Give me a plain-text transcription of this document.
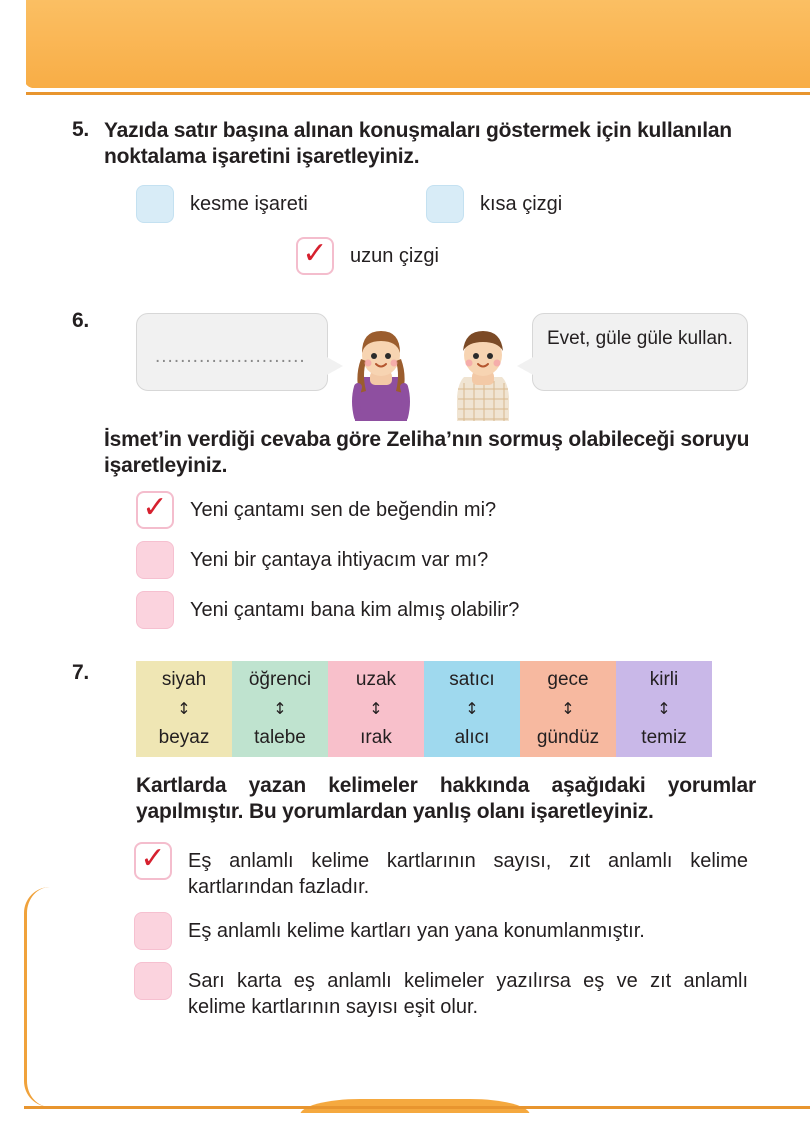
5. Yazıda satır başına alınan konuşmaları göstermek için kullanılan noktalama işaretini işaretleyiniz.
kesme işareti	kısa çizgi
✓ uzun çizgi
6.
........................
Evet, güle güle kullan.
İsmet’in verdiği cevaba göre Zeliha’nın sormuş olabileceği soruyu işaretleyiniz.
✓ Yeni çantamı sen de beğendin mi?
Yeni bir çantaya ihtiyacım var mı?
Yeni çantamı bana kim almış olabilir?
7.	siyah
↕
beyaz
öğrenci
↕
talebe
uzak
↕
ırak
satıcı
↕
alıcı
gece
↕
gündüz
kirli
↕
temiz
Kartlarda yazan kelimeler hakkında aşağıdaki yorumlar yapılmıştır. Bu yorumlardan yanlış olanı işaretleyiniz.
✓ Eş anlamlı kelime kartlarının sayısı, zıt anlamlı kelime kartlarından fazladır.
Eş anlamlı kelime kartları yan yana konumlanmıştır.
Sarı karta eş anlamlı kelimeler yazılırsa eş ve zıt anlamlı kelime kartlarının sayısı eşit olur.
